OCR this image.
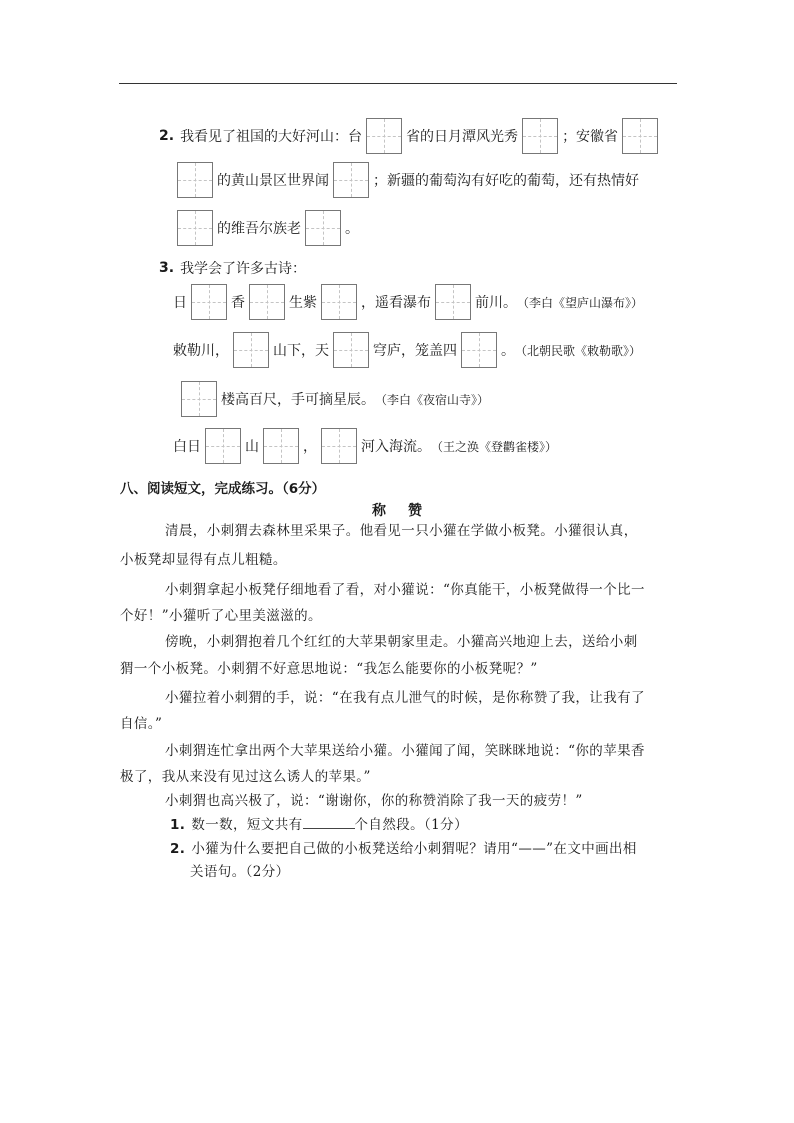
2. 我看见了祖国的大好河山：台	省的日月潭风光秀	；安徽省
的黄山景区世界闻	；新疆的葡萄沟有好吃的葡萄，还有热情好
的维吾尔族老	。
3. 我学会了许多古诗：
日	香	生紫	，遥看瀑布	前川。 （李白《望庐山瀑布》）
敕勒川，	山下，天	穹庐，笼盖四	。 （北朝民歌《敕勒歌》）
楼高百尺，手可摘星辰。 （李白《夜宿山寺》）
白日	山	，	河入海流。 （王之涣《登鹳雀楼》）
八、阅读短文，完成练习。（6分）
称赞
清晨，小刺猬去森林里采果子。他看见一只小獾在学做小板凳。小獾很认真，
小板凳却显得有点儿粗糙。
小刺猬拿起小板凳仔细地看了看，对小獾说：“你真能干，小板凳做得一个比一
个好！”小獾听了心里美滋滋的。
傍晚，小刺猬抱着几个红红的大苹果朝家里走。小獾高兴地迎上去，送给小刺
猬一个小板凳。小刺猬不好意思地说：“我怎么能要你的小板凳呢？”
小獾拉着小刺猬的手，说：“在我有点儿泄气的时候，是你称赞了我，让我有了
自信。”
小刺猬连忙拿出两个大苹果送给小獾。小獾闻了闻，笑眯眯地说：“你的苹果香
极了，我从来没有见过这么诱人的苹果。”
小刺猬也高兴极了，说：“谢谢你，你的称赞消除了我一天的疲劳！”
1. 数一数，短文共有	个自然段。（1分）
2. 小獾为什么要把自己做的小板凳送给小刺猬呢？请用“——”在文中画出相
关语句。（2分）
